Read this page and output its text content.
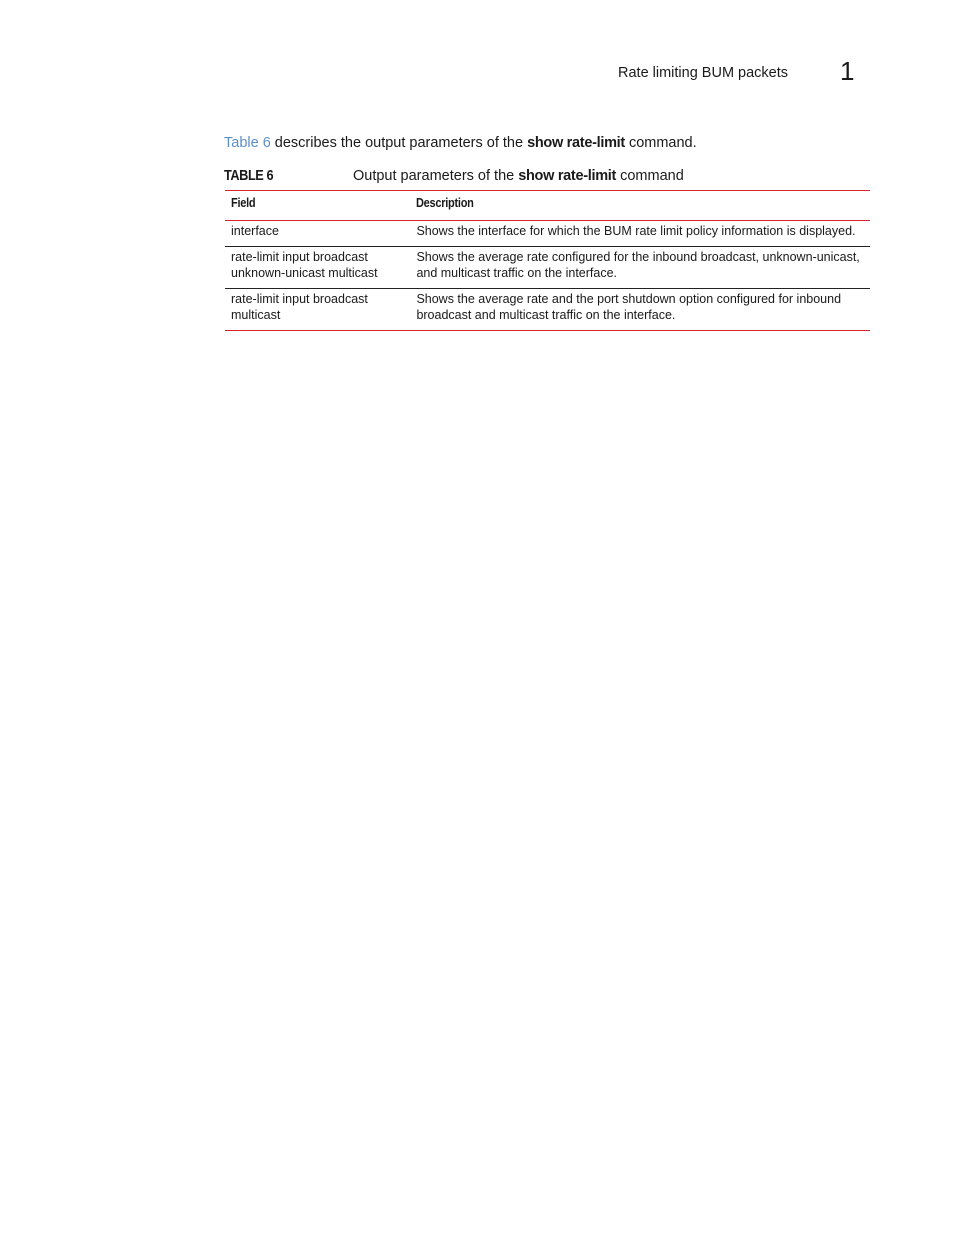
Rate limiting BUM packets 1

Table 6 describes the output parameters of the show rate-limit command.

TABLE 6	Output parameters of the show rate-limit command
Field	Description
interface	Shows the interface for which the BUM rate limit policy information is displayed.
rate-limit input broadcast unknown-unicast multicast	Shows the average rate configured for the inbound broadcast, unknown-unicast, and multicast traffic on the interface.
rate-limit input broadcast multicast	Shows the average rate and the port shutdown option configured for inbound broadcast and multicast traffic on the interface.
